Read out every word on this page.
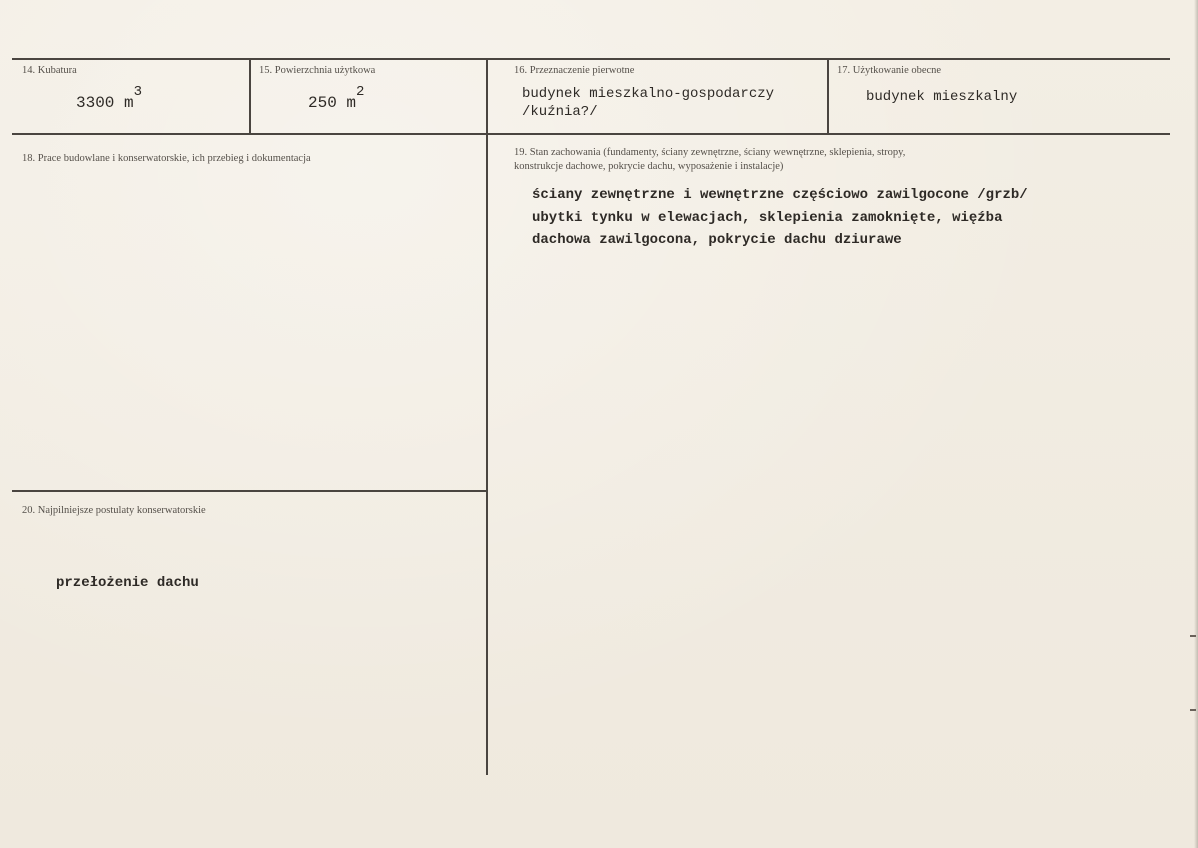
14. Kubatura
3300 m3
15. Powierzchnia użytkowa
250 m2
16. Przeznaczenie pierwotne
budynek mieszkalno-gospodarczy
/kuźnia?/
17. Użytkowanie obecne
budynek mieszkalny
18. Prace budowlane i konserwatorskie, ich przebieg i dokumentacja
19. Stan zachowania (fundamenty, ściany zewnętrzne, ściany wewnętrzne, sklepienia, stropy,
konstrukcje dachowe, pokrycie dachu, wyposażenie i instalacje)
ściany zewnętrzne i wewnętrzne częściowo zawilgocone /grzb/
ubytki tynku w elewacjach, sklepienia zamoknięte, więźba
dachowa zawilgocona, pokrycie dachu dziurawe
20. Najpilniejsze postulaty konserwatorskie
przełożenie dachu
